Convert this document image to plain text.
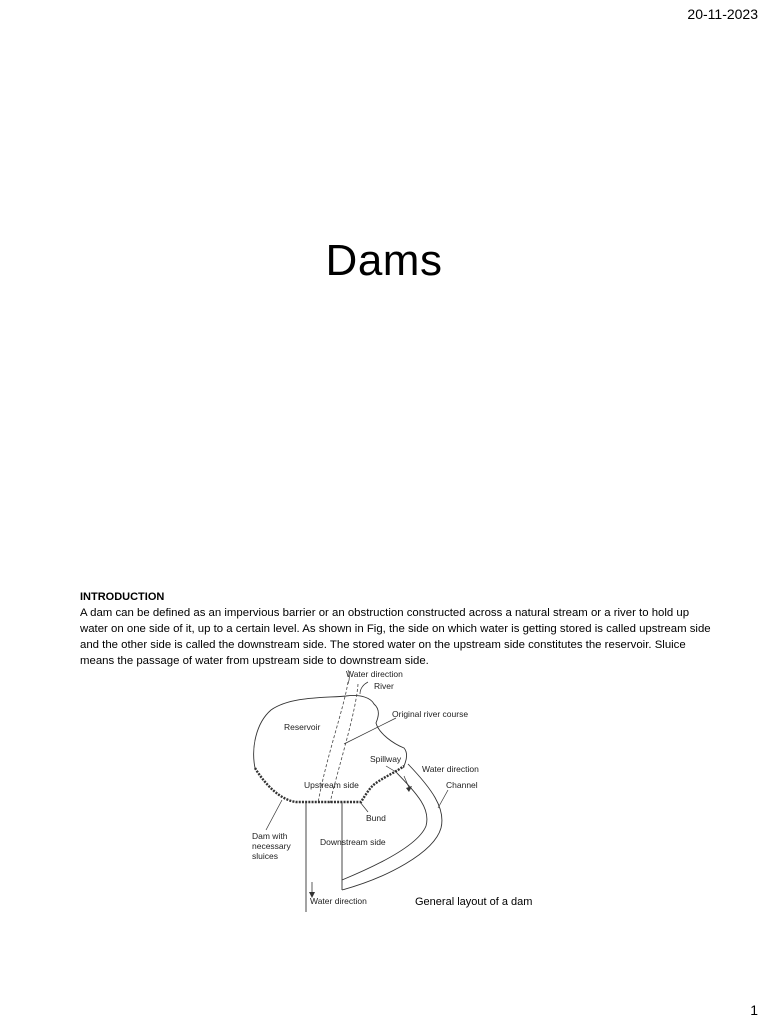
20-11-2023
Dams
INTRODUCTION
A dam can be defined as an impervious barrier or an obstruction constructed across a natural stream or a river to hold up water on one side of it, up to a certain level. As shown in Fig, the side on which water is getting stored is called upstream side and the other side is called the downstream side. The stored water on the upstream side constitutes the reservoir. Sluice means the passage of water from upstream side to downstream side.
Water direction
River
Original river course
Reservoir
Spillway
Water direction
Channel
Upstream side
Bund
Dam with
necessary
sluices
Downstream side
Water direction	General layout of a dam
1
